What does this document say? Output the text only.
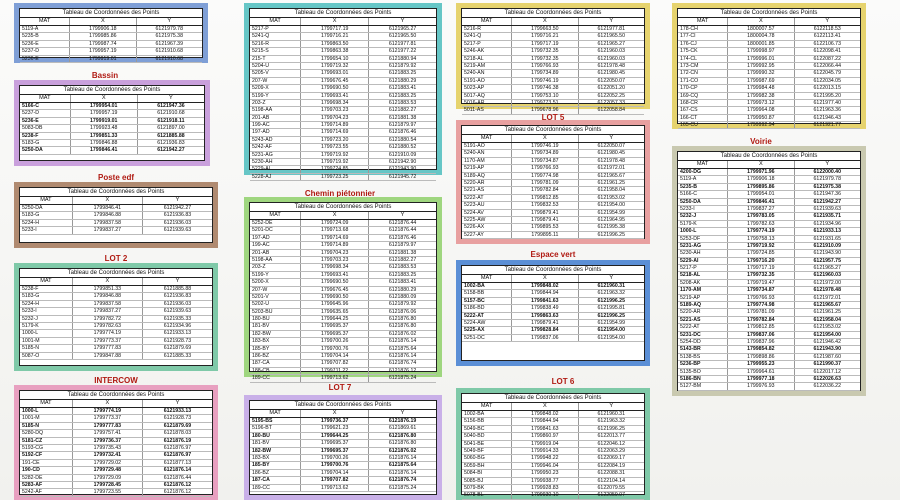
Tableau de Coordonnées des Points
MAT	X	Y
5119-A	1799906.18	6121979.78
5235-B	1799985.86	6121975.38
5236-E	1799987.74	6121967.39
5237-D	1799957.19	6121910.68
5236-E	1799919.01	6121910.68
Bassin
Tableau de Coordonnées des Points
MAT	X	Y
5166-C	1799954.01	6121947.36
5237-D	1799957.19	6121910.68
5236-E	1799919.01	6121918.11
5083-DB	1799923.48	6121897.00
5238-F	1799851.33	6121885.88
5183-G	1799846.88	6121936.83
5250-DA	1799846.41	6121942.27
Poste edf
Tableau de Coordonnées des Points
MAT	X	Y
5250-DA	1799846.41	6121942.27
5183-G	1799846.88	6121936.83
5234-H	1799837.58	6121936.03
5233-I	1799837.27	6121939.63
LOT 2
Tableau de Coordonnées des Points
MAT	X	Y
5238-F	1799851.33	6121885.88
5183-G	1799846.88	6121936.83
5234-H	1799837.58	6121936.03
5233-I	1799837.27	6121939.63
5232-J	1799782.72	6121935.33
5179-K	1799782.63	6121934.96
1000-L	1799774.19	6121933.13
1001-M	1799773.37	6121928.73
5185-N	1799777.83	6121879.69
5087-O	1799847.88	6121885.33
INTERCOW
Tableau de Coordonnées des Points
MAT	X	Y
1000-L	1799774.19	6121933.13
1001-M	1799773.37	6121928.73
5185-N	1799777.83	6121879.69
5280-DQ	1799757.41	6121878.03
5181-CZ	1799736.37	6121876.19
5193-CG	1799735.43	6121876.97
5192-CF	1799732.41	6121876.97
191-CE	1799729.02	6121877.13
190-CD	1799729.48	6121876.14
5282-DE	1799729.09	6121876.44
5283-AF	1799728.45	6121876.12
5242-AF	1799723.55	6121876.12
Tableau de Coordonnées des Points
MAT	X	Y
5217-P	1799717.19	6121965.27
5241-Q	1799716.21	6121965.50
5216-R	1799863.50	6121977.81
5215-S	1799863.38	6121977.22
215-T	1799654.10	6121880.94
5204-U	1799719.32	6121879.92
5205-V	1799693.01	6121883.25
207-W	1799676.45	6121880.29
5209-X	1799690.50	6121883.41
5199-Y	1799693.41	6121883.25
203-Z	1799698.34	6121883.53
5198-AA	1799703.23	6121882.27
201-AB	1799704.23	6121881.38
199-AC	1799714.89	6121879.97
197-AD	1799714.69	6121876.46
5243-AD	1799723.20	6121880.54
5242-AF	1799723.55	6121880.52
5231-AG	1799719.92	6121910.09
5230-AH	1799719.92	6121942.90
5229-AI	1799724.85	6121943.90
5228-AJ	1799723.25	6121945.72
Chemin piétonnier
Tableau de Coordonnées des Points
MAT	X	Y
5252-DE	1799724.09	6121876.44
5201-DC	1799713.68	6121876.44
197-AD	1799714.69	6121876.46
199-AC	1799714.89	6121879.97
201-AB	1799704.23	6121881.38
5198-AA	1799703.23	6121882.27
203-Z	1799698.34	6121883.53
5199-Y	1799693.41	6121883.25
5200-X	1799690.50	6121883.41
207-W	1799676.45	6121880.29
5201-V	1799690.50	6121880.09
5202-U	1799645.96	6121879.92
5203-BU	1799635.65	6121876.06
180-BU	1799644.25	6121876.80
181-BV	1799695.37	6121876.80
182-BW	1799695.37	6121876.02
183-BX	1799700.26	6121876.14
185-BY	1799700.76	6121875.64
186-BZ	1799704.14	6121876.14
187-CA	1799707.82	6121876.74
188-CB	1799711.22	6121876.12
189-CC	1799713.62	6121875.24
LOT 7
Tableau de Coordonnées des Points
MAT	X	Y
5195-BS	1799736.37	6121876.19
5196-BT	1799621.23	6121869.61
180-BU	1799644.25	6121876.80
181-BV	1799695.37	6121876.80
182-BW	1799695.37	6121876.02
183-BX	1799700.26	6121876.14
185-BY	1799700.76	6121875.64
186-BZ	1799704.14	6121876.14
187-CA	1799707.82	6121876.74
189-CC	1799713.62	6121875.24
Tableau de Coordonnées des Points
MAT	X	Y
5216-R	1799663.50	6121977.81
5241-Q	1799716.21	6121965.50
5217-P	1799717.19	6121965.27
5246-AK	1799732.35	6121960.03
5218-AL	1799732.35	6121960.03
5219-AM	1799766.93	6121978.48
5240-AN	1799734.89	6121980.45
5191-AO	1799746.19	6122050.07
5023-AP	1799746.38	6122051.20
5017-AQ	1799753.10	6122052.25
5016-AR	1799773.51	6122057.33
5011-AS	1799678.96	6122058.84
LOT 5
Tableau de Coordonnées des Points
MAT	X	Y
5191-AO	1799746.19	6122050.07
5240-AN	1799734.89	6121980.45
1170-AM	1799734.87	6121978.48
5219-AP	1799766.93	6121972.01
5189-AQ	1799774.98	6121965.67
5220-AR	1799781.09	6121961.25
5221-AS	1799782.84	6121958.04
5222-AT	1799812.85	6121953.02
5223-AU	1799832.53	6121954.00
5224-AV	1799879.41	6121954.99
5225-AW	1799879.41	6121964.95
5226-AX	1799895.53	6121995.38
5227-AY	1799895.11	6121996.25
Espace vert
Tableau de Coordonnées des Points
MAT	X	Y
1002-BA	1799848.02	6121960.31
5158-BB	1799844.94	6121963.32
5157-BC	1799841.63	6121996.25
5186-BD	1799838.49	6121995.81
5222-AT	1799863.63	6121996.25
5224-AW	1799879.41	6121954.99
5225-AX	1799828.84	6121954.00
5251-DC	1799837.06	6121954.00
LOT 6
Tableau de Coordonnées des Points
MAT	X	Y
1002-BA	1799848.02	6121960.31
5156-BB	1799844.94	6121963.32
5049-BC	1799841.63	6121996.25
5040-BD	1799860.97	6122013.77
5041-BE	1799919.04	6122046.12
5049-BF	1799914.33	6122063.29
5060-BG	1799948.22	6122069.17
5059-BH	1799946.04	6122084.19
5084-BI	1799950.23	6122088.31
5085-BJ	1799938.77	6122104.14
5079-BK	1799928.83	6122079.55
5078-BL	1799930.10	6122059.07
Tableau de Coordonnées des Points
MAT	X	Y
178-CH	1800007.57	6122118.53
177-CI	1800004.78	6122113.41
176-CJ	1800001.85	6122106.73
175-CK	1799998.97	6122098.41
174-CL	1799996.01	6122087.22
173-CM	1799992.95	6122066.44
172-CN	1799990.32	6122045.79
171-CO	1799987.69	6122034.05
170-CP	1799984.48	6122013.15
169-CQ	1799982.38	6121995.20
168-CR	1799973.12	6121977.40
167-CS	1799964.08	6121963.36
166-CT	1799950.87	6121946.43
165-CU	1799992.94	6121921.77
Voirie
Tableau de Coordonnées des Points
MAT	X	Y
4200-DG	1799971.96	6122000.40
5119-A	1799906.18	6121979.78
5235-B	1799895.86	6121975.38
5166-C	1799954.01	6121947.36
5250-DA	1799846.41	6121942.27
5233-I	1799837.27	6121939.63
5232-J	1799783.05	6121935.71
5179-K	1799782.63	6121934.96
1000-L	1799774.19	6121933.13
5253-DF	1799758.13	6121931.65
5231-AG	1799719.92	6121910.09
5230-AH	1799724.85	6121943.90
5229-AI	1799716.20	6121957.75
5217-P	1799717.19	6121965.27
5218-AL	1799732.35	6121960.03
5208-AK	1799719.47	6121972.00
1170-AM	1799734.87	6121978.48
5219-AP	1799766.93	6121972.01
5189-AQ	1799774.98	6121965.67
5220-AR	1799781.09	6121961.25
5221-AS	1799782.84	6121958.04
5222-AT	1799812.85	6121953.02
5231-DC	1799837.06	6121954.00
5254-DD	1799837.96	6121946.42
5143-BR	1799854.82	6121943.90
5138-BS	1799898.86	6121987.60
5236-BP	1799955.23	6121990.37
5135-BO	1799964.61	6122017.12
5186-BN	1799977.18	6122026.63
5127-BM	1799976.93	6122036.22
